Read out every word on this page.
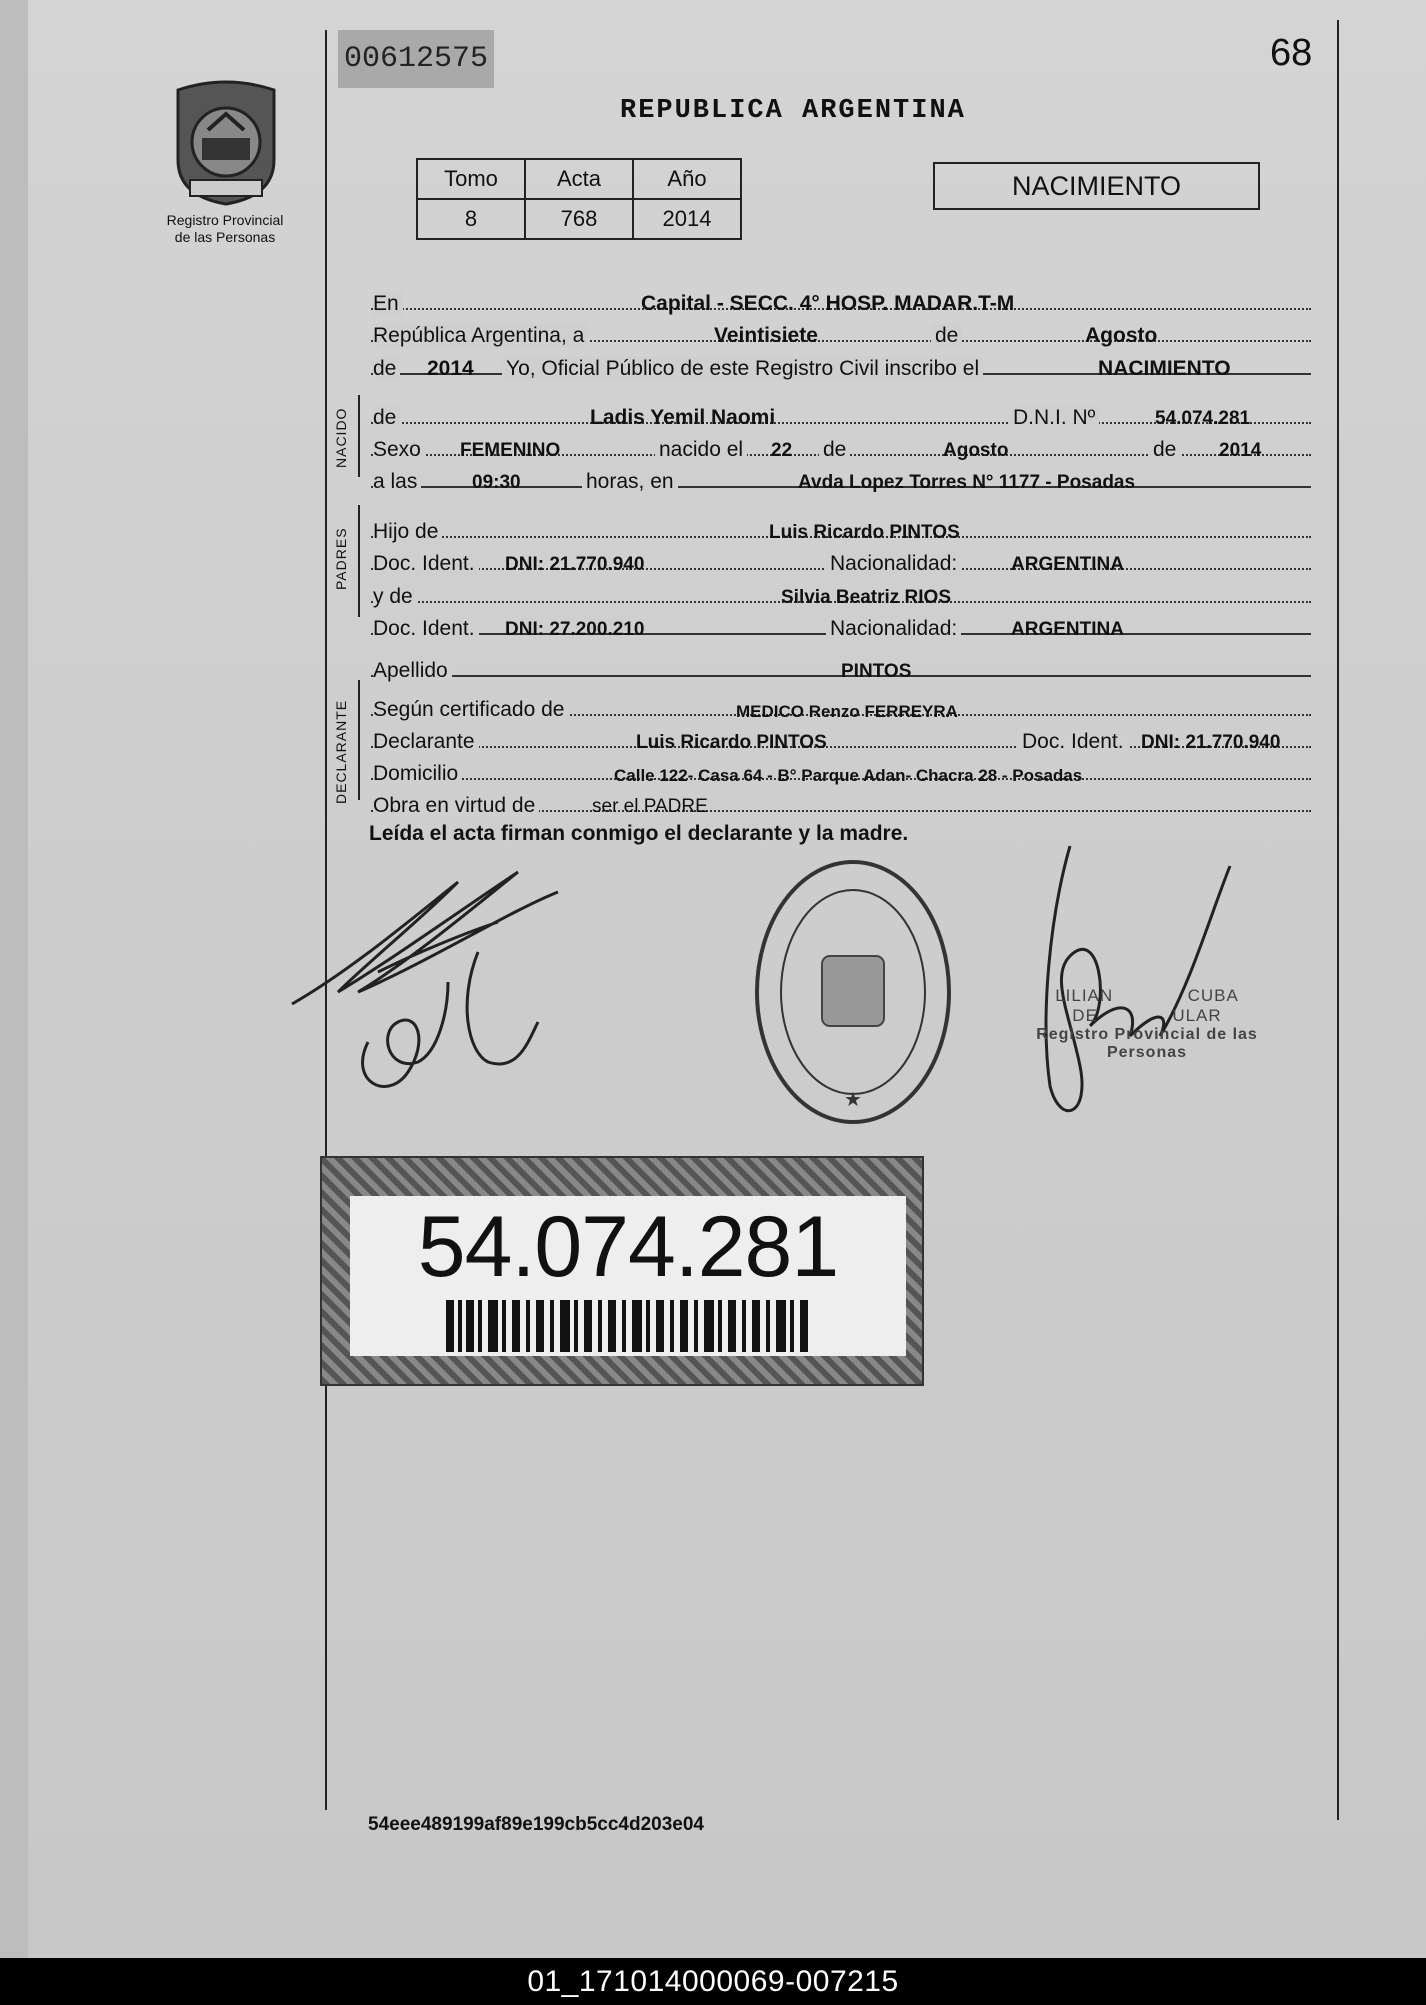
00612575	68
REPUBLICA ARGENTINA
Registro Provincial
de las Personas
Tomo	Acta	Año
8	768	2014
NACIMIENTO
En	Capital - SECC. 4° HOSP. MADAR.T-M
República Argentina, a	Veintisiete	de	Agosto
de 2014 Yo, Oficial Público de este Registro Civil inscribo el	NACIMIENTO
NACIDO de	Ladis Yemil Naomi	D.N.I. Nº	54.074.281
Sexo FEMENINO	nacido el 22 de	Agosto	de 2014
a las	09:30	horas, en	Avda Lopez Torres N° 1177 - Posadas
PADRES Hijo de	Luis Ricardo PINTOS
Doc. Ident. DNI: 21.770.940	Nacionalidad:	ARGENTINA
y de	Silvia Beatriz RIOS
Doc. Ident. DNI: 27.200.210	Nacionalidad:	ARGENTINA
Apellido	PINTOS
DECLARANTE Según certificado de	MEDICO Renzo FERREYRA
Declarante	Luis Ricardo PINTOS	Doc. Ident. DNI: 21.770.940
Domicilio	Calle 122- Casa 64 - B° Parque Adan- Chacra 28 - Posadas
Obra en virtud de	ser el PADRE
Leída el acta firman conmigo el declarante y la madre.
★
LILIAN	CUBA
DE	ULAR
Registro Provincial de las Personas
54.074.281
54eee489199af89e199cb5cc4d203e04
01_171014000069-007215
